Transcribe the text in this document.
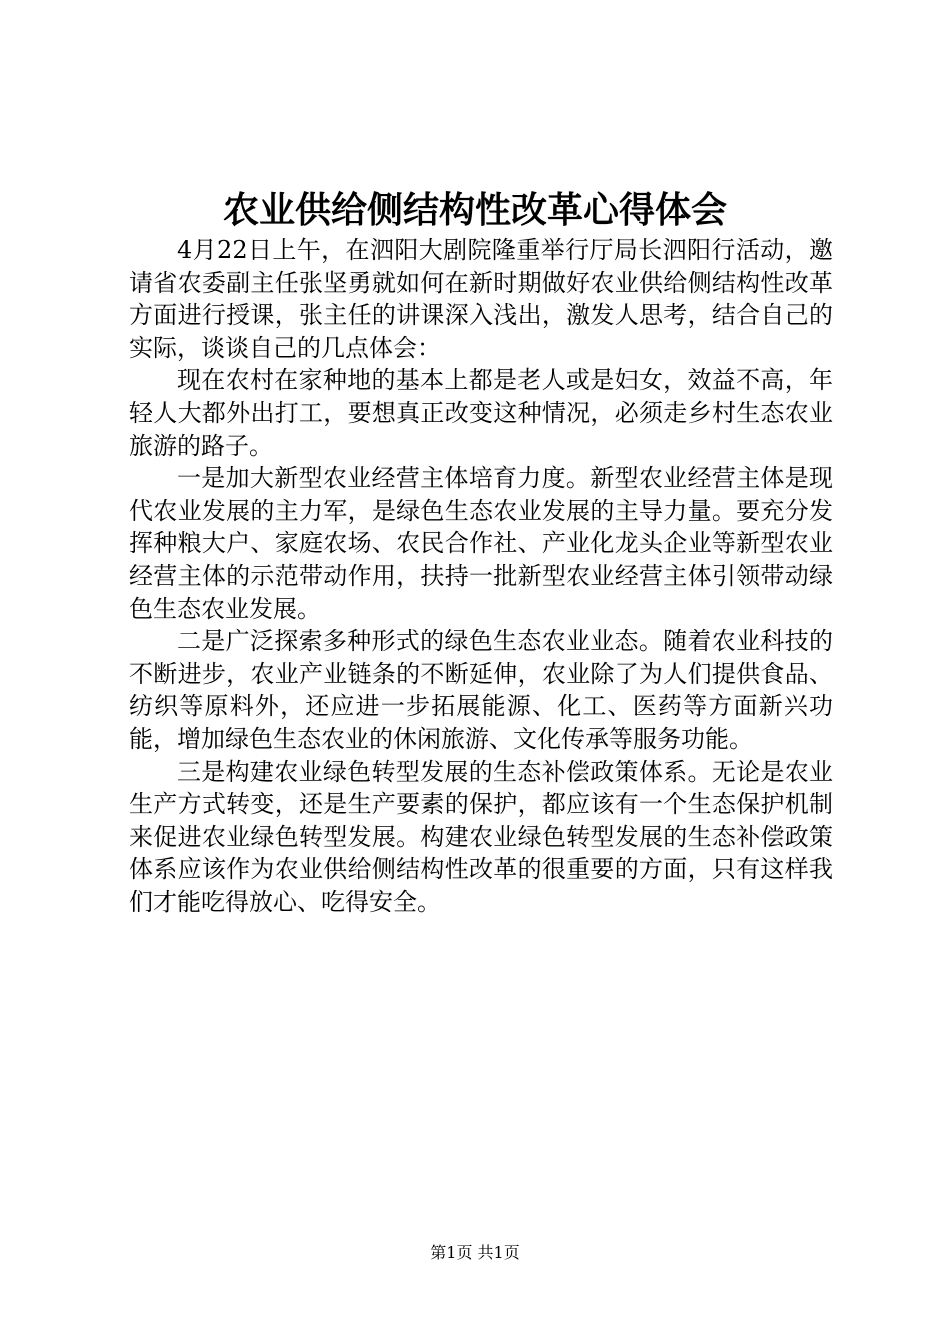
农业供给侧结构性改革心得体会

4月22日上午，在泗阳大剧院隆重举行厅局长泗阳行活动，邀请省农委副主任张坚勇就如何在新时期做好农业供给侧结构性改革方面进行授课，张主任的讲课深入浅出，激发人思考，结合自己的实际，谈谈自己的几点体会：

现在农村在家种地的基本上都是老人或是妇女，效益不高，年轻人大都外出打工，要想真正改变这种情况，必须走乡村生态农业旅游的路子。

一是加大新型农业经营主体培育力度。新型农业经营主体是现代农业发展的主力军，是绿色生态农业发展的主导力量。要充分发挥种粮大户、家庭农场、农民合作社、产业化龙头企业等新型农业经营主体的示范带动作用，扶持一批新型农业经营主体引领带动绿色生态农业发展。

二是广泛探索多种形式的绿色生态农业业态。随着农业科技的不断进步，农业产业链条的不断延伸，农业除了为人们提供食品、纺织等原料外，还应进一步拓展能源、化工、医药等方面新兴功能，增加绿色生态农业的休闲旅游、文化传承等服务功能。

三是构建农业绿色转型发展的生态补偿政策体系。无论是农业生产方式转变，还是生产要素的保护，都应该有一个生态保护机制来促进农业绿色转型发展。构建农业绿色转型发展的生态补偿政策体系应该作为农业供给侧结构性改革的很重要的方面，只有这样我们才能吃得放心、吃得安全。

第1页 共1页
